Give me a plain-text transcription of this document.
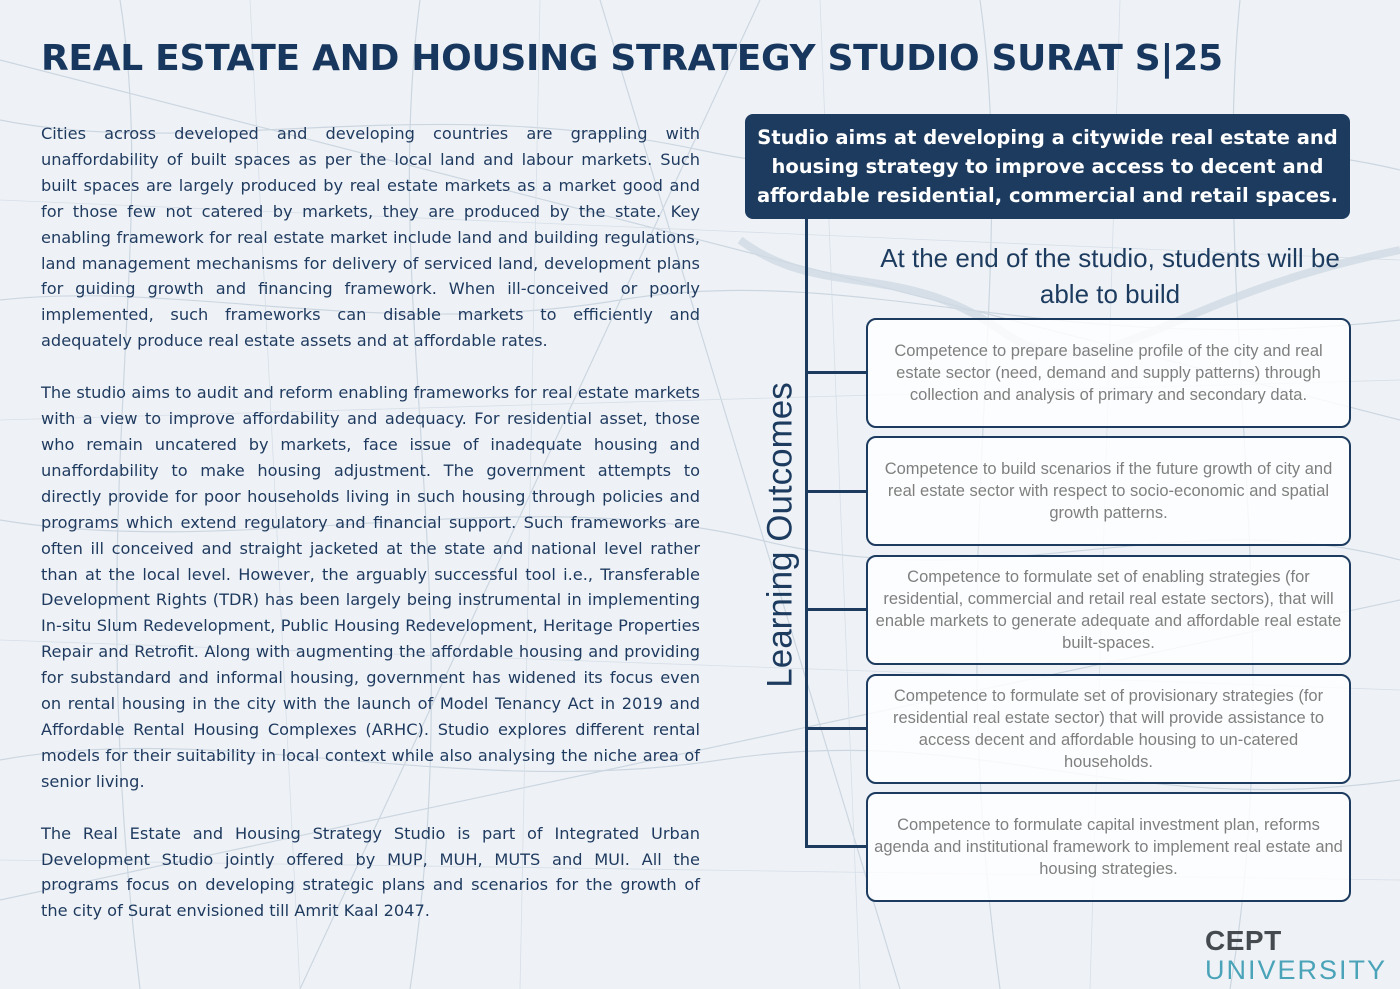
REAL ESTATE AND HOUSING STRATEGY STUDIO SURAT S|25

Cities across developed and developing countries are grappling with unaffordability of built spaces as per the local land and labour markets. Such built spaces are largely produced by real estate markets as a market good and for those few not catered by markets, they are produced by the state. Key enabling framework for real estate market include land and building regulations, land management mechanisms for delivery of serviced land, development plans for guiding growth and financing framework. When ill-conceived or poorly implemented, such frameworks can disable markets to efficiently and adequately produce real estate assets and at affordable rates.

The studio aims to audit and reform enabling frameworks for real estate markets with a view to improve affordability and adequacy. For residential asset, those who remain uncatered by markets, face issue of inadequate housing and unaffordability to make housing adjustment. The government attempts to directly provide for poor households living in such housing through policies and programs which extend regulatory and financial support. Such frameworks are often ill conceived and straight jacketed at the state and national level rather than at the local level. However, the arguably successful tool i.e., Transferable Development Rights (TDR) has been largely being instrumental in implementing In-situ Slum Redevelopment, Public Housing Redevelopment, Heritage Properties Repair and Retrofit. Along with augmenting the affordable housing and providing for substandard and informal housing, government has widened its focus even on rental housing in the city with the launch of Model Tenancy Act in 2019 and Affordable Rental Housing Complexes (ARHC). Studio explores different rental models for their suitability in local context while also analysing the niche area of senior living.

The Real Estate and Housing Strategy Studio is part of Integrated Urban Development Studio jointly offered by MUP, MUH, MUTS and MUI. All the programs focus on developing strategic plans and scenarios for the growth of the city of Surat envisioned till Amrit Kaal 2047.

Studio aims at developing a citywide real estate and housing strategy to improve access to decent and affordable residential, commercial and retail spaces.
Learning Outcomes
At the end of the studio, students will be able to build
Competence to prepare baseline profile of the city and real estate sector (need, demand and supply patterns) through collection and analysis of primary and secondary data.
Competence to build scenarios if the future growth of city and real estate sector with respect to socio-economic and spatial growth patterns.
Competence to formulate set of enabling strategies (for residential, commercial and retail real estate sectors), that will enable markets to generate adequate and affordable real estate built-spaces.
Competence to formulate set of provisionary strategies (for residential real estate sector) that will provide assistance to access decent and affordable housing to un-catered households.
Competence to formulate capital investment plan, reforms agenda and institutional framework to implement real estate and housing strategies.
CEPT
UNIVERSITY
